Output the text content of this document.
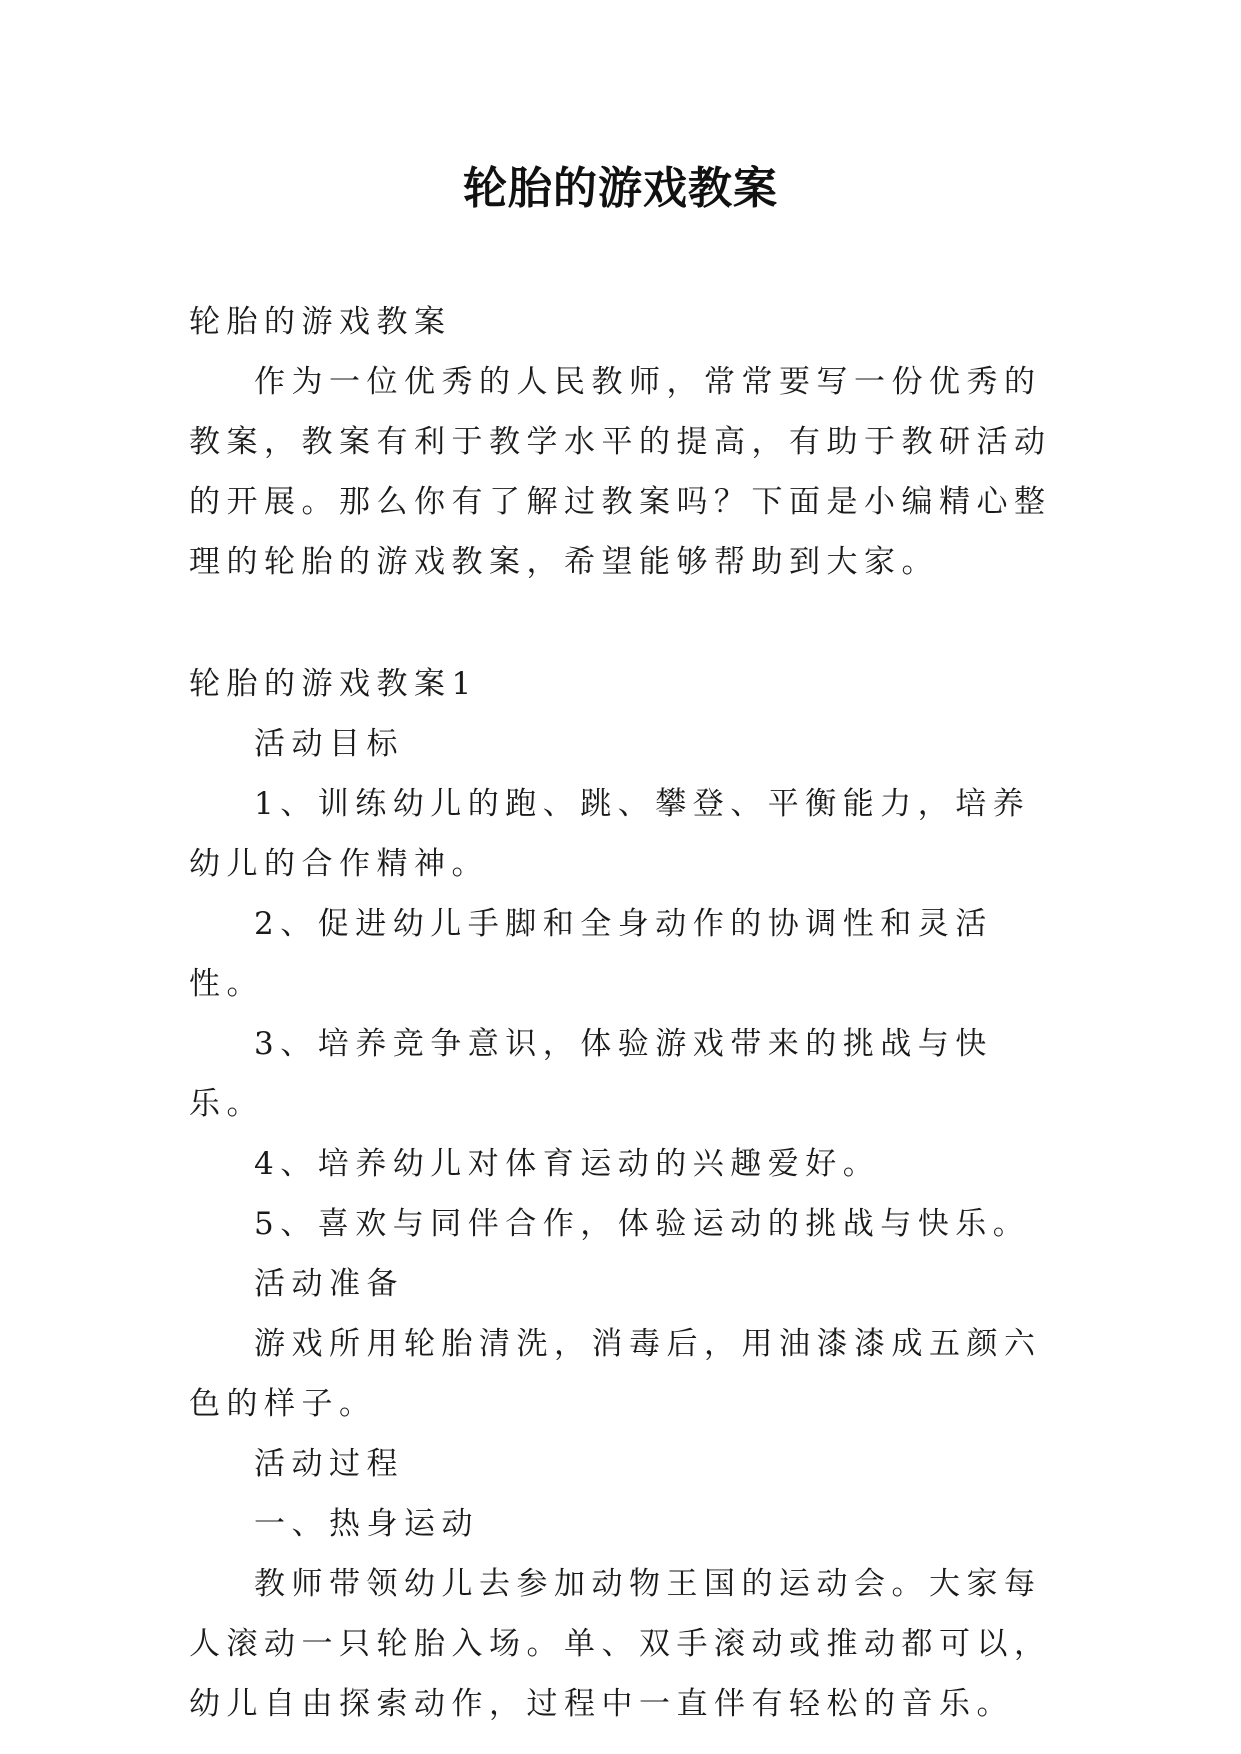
轮胎的游戏教案

轮胎的游戏教案

作为一位优秀的人民教师，常常要写一份优秀的教案，教案有利于教学水平的提高，有助于教研活动的开展。那么你有了解过教案吗？下面是小编精心整理的轮胎的游戏教案，希望能够帮助到大家。

轮胎的游戏教案1

活动目标

1、训练幼儿的跑、跳、攀登、平衡能力，培养幼儿的合作精神。

2、促进幼儿手脚和全身动作的协调性和灵活性。

3、培养竞争意识，体验游戏带来的挑战与快乐。

4、培养幼儿对体育运动的兴趣爱好。

5、喜欢与同伴合作，体验运动的挑战与快乐。

活动准备

游戏所用轮胎清洗，消毒后，用油漆漆成五颜六色的样子。

活动过程

一、热身运动

教师带领幼儿去参加动物王国的运动会。大家每人滚动一只轮胎入场。单、双手滚动或推动都可以，幼儿自由探索动作，过程中一直伴有轻松的音乐。
